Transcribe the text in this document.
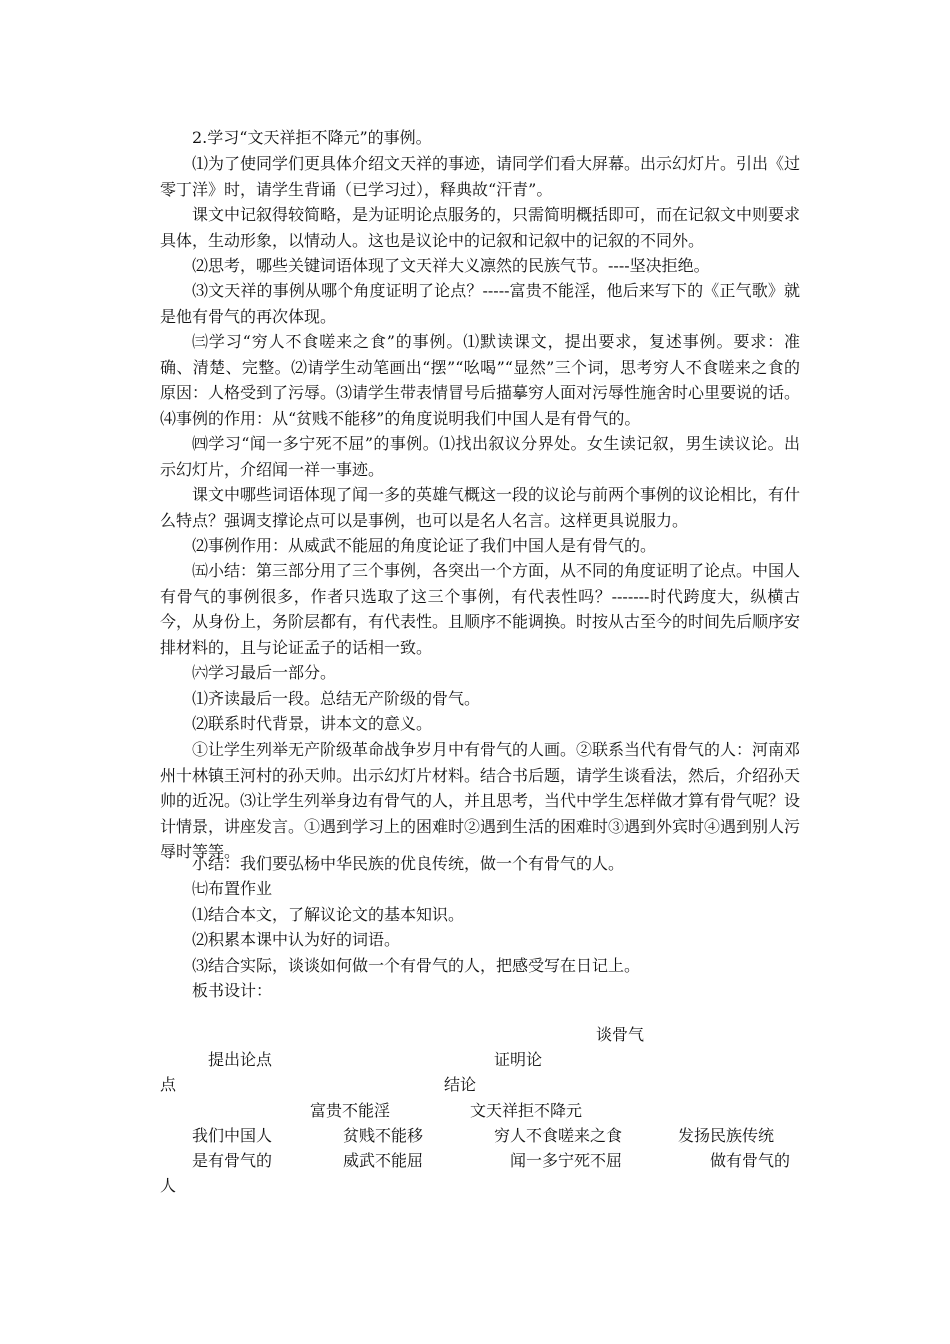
2.学习“文天祥拒不降元”的事例。

⑴为了使同学们更具体介绍文天祥的事迹，请同学们看大屏幕。出示幻灯片。引出《过零丁洋》时，请学生背诵（已学习过），释典故“汗青”。

课文中记叙得较简略，是为证明论点服务的，只需简明概括即可，而在记叙文中则要求具体，生动形象，以情动人。这也是议论中的记叙和记叙中的记叙的不同外。

⑵思考，哪些关键词语体现了文天祥大义凛然的民族气节。----坚决拒绝。

⑶文天祥的事例从哪个角度证明了论点？-----富贵不能淫，他后来写下的《正气歌》就是他有骨气的再次体现。

㈢学习“穷人不食嗟来之食”的事例。⑴默读课文，提出要求，复述事例。要求：准确、清楚、完整。⑵请学生动笔画出“摆”“吆喝”“显然”三个词，思考穷人不食嗟来之食的原因：人格受到了污辱。⑶请学生带表情冒号后描摹穷人面对污辱性施舍时心里要说的话。⑷事例的作用：从“贫贱不能移”的角度说明我们中国人是有骨气的。

㈣学习“闻一多宁死不屈”的事例。⑴找出叙议分界处。女生读记叙，男生读议论。出示幻灯片，介绍闻一祥一事迹。

课文中哪些词语体现了闻一多的英雄气概这一段的议论与前两个事例的议论相比，有什么特点？强调支撑论点可以是事例，也可以是名人名言。这样更具说服力。

⑵事例作用：从威武不能屈的角度论证了我们中国人是有骨气的。

㈤小结：第三部分用了三个事例，各突出一个方面，从不同的角度证明了论点。中国人有骨气的事例很多，作者只选取了这三个事例，有代表性吗？-------时代跨度大，纵横古今，从身份上，务阶层都有，有代表性。且顺序不能调换。时按从古至今的时间先后顺序安排材料的，且与论证孟子的话相一致。

㈥学习最后一部分。

⑴齐读最后一段。总结无产阶级的骨气。

⑵联系时代背景，讲本文的意义。

①让学生列举无产阶级革命战争岁月中有骨气的人画。②联系当代有骨气的人：河南邓州十林镇王河村的孙天帅。出示幻灯片材料。结合书后题，请学生谈看法，然后，介绍孙天帅的近况。⑶让学生列举身边有骨气的人，并且思考，当代中学生怎样做才算有骨气呢？设计情景，讲座发言。①遇到学习上的困难时②遇到生活的困难时③遇到外宾时④遇到别人污辱时等等。

小结：我们要弘杨中华民族的优良传统，做一个有骨气的人。

㈦布置作业

⑴结合本文，了解议论文的基本知识。

⑵积累本课中认为好的词语。

⑶结合实际，谈谈如何做一个有骨气的人，把感受写在日记上。

板书设计：

谈骨气
提出论点	证明论
点	结论
富贵不能淫	文天祥拒不降元
我们中国人	贫贱不能移	穷人不食嗟来之食	发扬民族传统
是有骨气的	威武不能屈	闻一多宁死不屈	做有骨气的
人
